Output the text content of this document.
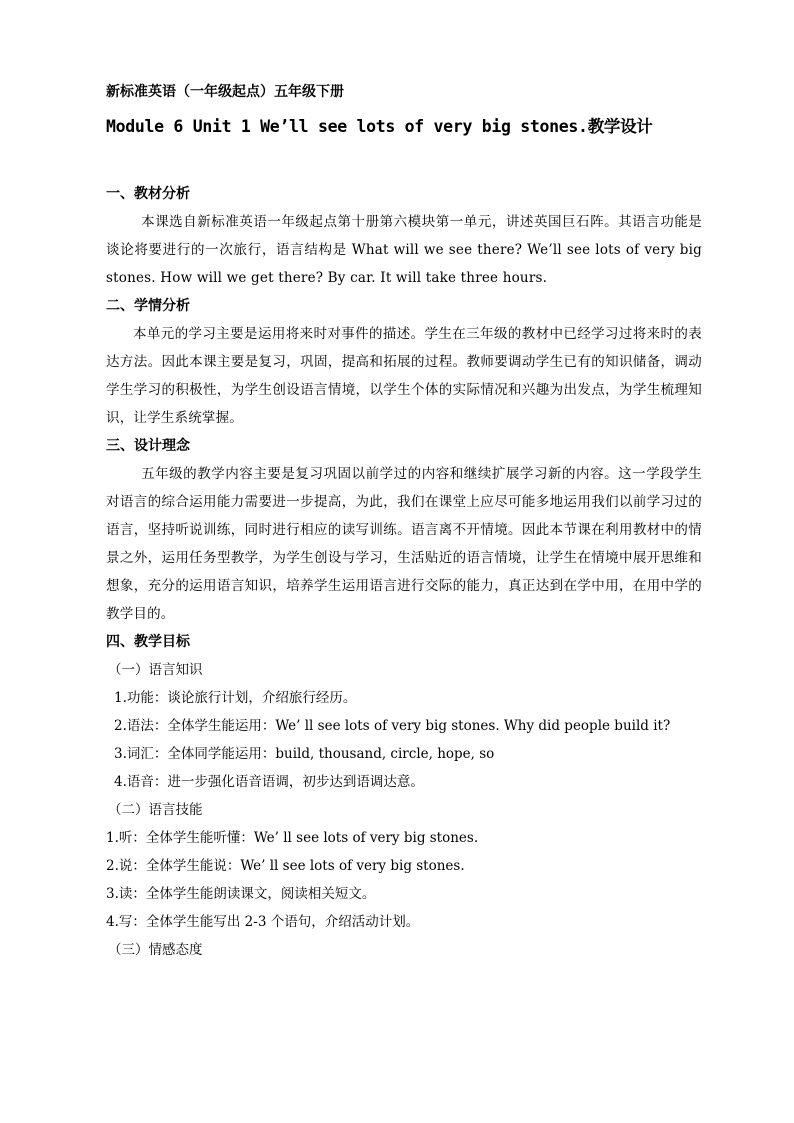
新标准英语（一年级起点）五年级下册

Module 6 Unit 1 We’ll see lots of very big stones.教学设计

一、教材分析

本课选自新标准英语一年级起点第十册第六模块第一单元，讲述英国巨石阵。其语言功能是谈论将要进行的一次旅行，语言结构是 What will we see there? We’ll see lots of very big stones. How will we get there? By car. It will take three hours.

二、学情分析

本单元的学习主要是运用将来时对事件的描述。学生在三年级的教材中已经学习过将来时的表达方法。因此本课主要是复习，巩固，提高和拓展的过程。教师要调动学生已有的知识储备，调动学生学习的积极性，为学生创设语言情境，以学生个体的实际情况和兴趣为出发点，为学生梳理知识，让学生系统掌握。

三、设计理念

五年级的教学内容主要是复习巩固以前学过的内容和继续扩展学习新的内容。这一学段学生对语言的综合运用能力需要进一步提高，为此，我们在课堂上应尽可能多地运用我们以前学习过的语言，坚持听说训练，同时进行相应的读写训练。语言离不开情境。因此本节课在利用教材中的情景之外，运用任务型教学，为学生创设与学习，生活贴近的语言情境，让学生在情境中展开思维和想象，充分的运用语言知识，培养学生运用语言进行交际的能力，真正达到在学中用，在用中学的教学目的。

四、教学目标

（一）语言知识

1.功能： 谈论旅行计划，介绍旅行经历。

2.语法： 全体学生能运用：We’ ll see lots of very big stones. Why did people build it?

3.词汇： 全体同学能运用：build, thousand, circle, hope, so

4.语音： 进一步强化语音语调，初步达到语调达意。

（二）语言技能

1.听： 全体学生能听懂：We’ ll see lots of very big stones.

2.说： 全体学生能说：We’ ll see lots of very big stones.

3.读： 全体学生能朗读课文，阅读相关短文。

4.写： 全体学生能写出 2-3 个语句，介绍活动计划。

（三）情感态度
